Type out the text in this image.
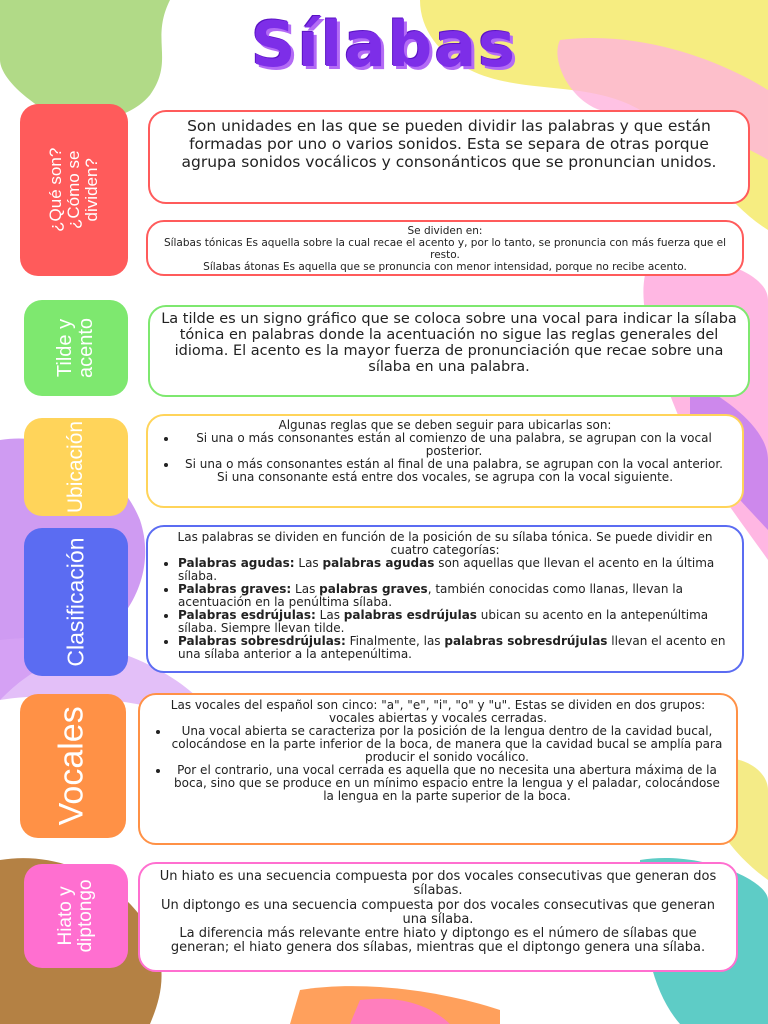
Sílabas
¿Qué son? ¿Cómo se
dividen?

Son unidades en las que se pueden dividir las palabras y que están formadas por uno o varios sonidos. Esta se separa de otras porque agrupa sonidos vocálicos y consonánticos que se pronuncian unidos.

Se dividen en:

Sílabas tónicas Es aquella sobre la cual recae el acento y, por lo tanto, se pronuncia con más fuerza que el resto.

Sílabas átonas Es aquella que se pronuncia con menor intensidad, porque no recibe acento.

Tilde y
acento	La tilde es un signo gráfico que se coloca sobre una vocal para indicar la sílaba tónica en palabras donde la acentuación no sigue las reglas generales del idioma. El acento es la mayor fuerza de pronunciación que recae sobre una sílaba en una palabra.

Ubicación	Algunas reglas que se deben seguir para ubicarlas son:

• Si una o más consonantes están al comienzo de una palabra, se agrupan con la vocal posterior.
• Si una o más consonantes están al final de una palabra, se agrupan con la vocal anterior.

Si una consonante está entre dos vocales, se agrupa con la vocal siguiente.

Clasificación

Las palabras se dividen en función de la posición de su sílaba tónica. Se puede dividir en cuatro categorías:

• Palabras agudas: Las palabras agudas son aquellas que llevan el acento en la última sílaba.
• Palabras graves: Las palabras graves, también conocidas como llanas, llevan la acentuación en la penúltima sílaba.
• Palabras esdrújulas: Las palabras esdrújulas ubican su acento en la antepenúltima sílaba. Siempre llevan tilde.
• Palabras sobresdrújulas: Finalmente, las palabras sobresdrújulas llevan el acento en una sílaba anterior a la antepenúltima.
Vocales

Las vocales del español son cinco: "a", "e", "i", "o" y "u". Estas se dividen en dos grupos: vocales abiertas y vocales cerradas.

• Una vocal abierta se caracteriza por la posición de la lengua dentro de la cavidad bucal, colocándose en la parte inferior de la boca, de manera que la cavidad bucal se amplía para producir el sonido vocálico.
• Por el contrario, una vocal cerrada es aquella que no necesita una abertura máxima de la boca, sino que se produce en un mínimo espacio entre la lengua y el paladar, colocándose la lengua en la parte superior de la boca.
Hiato y
diptongo

Un hiato es una secuencia compuesta por dos vocales consecutivas que generan dos sílabas.

Un diptongo es una secuencia compuesta por dos vocales consecutivas que generan una sílaba.

La diferencia más relevante entre hiato y diptongo es el número de sílabas que generan; el hiato genera dos sílabas, mientras que el diptongo genera una sílaba.
